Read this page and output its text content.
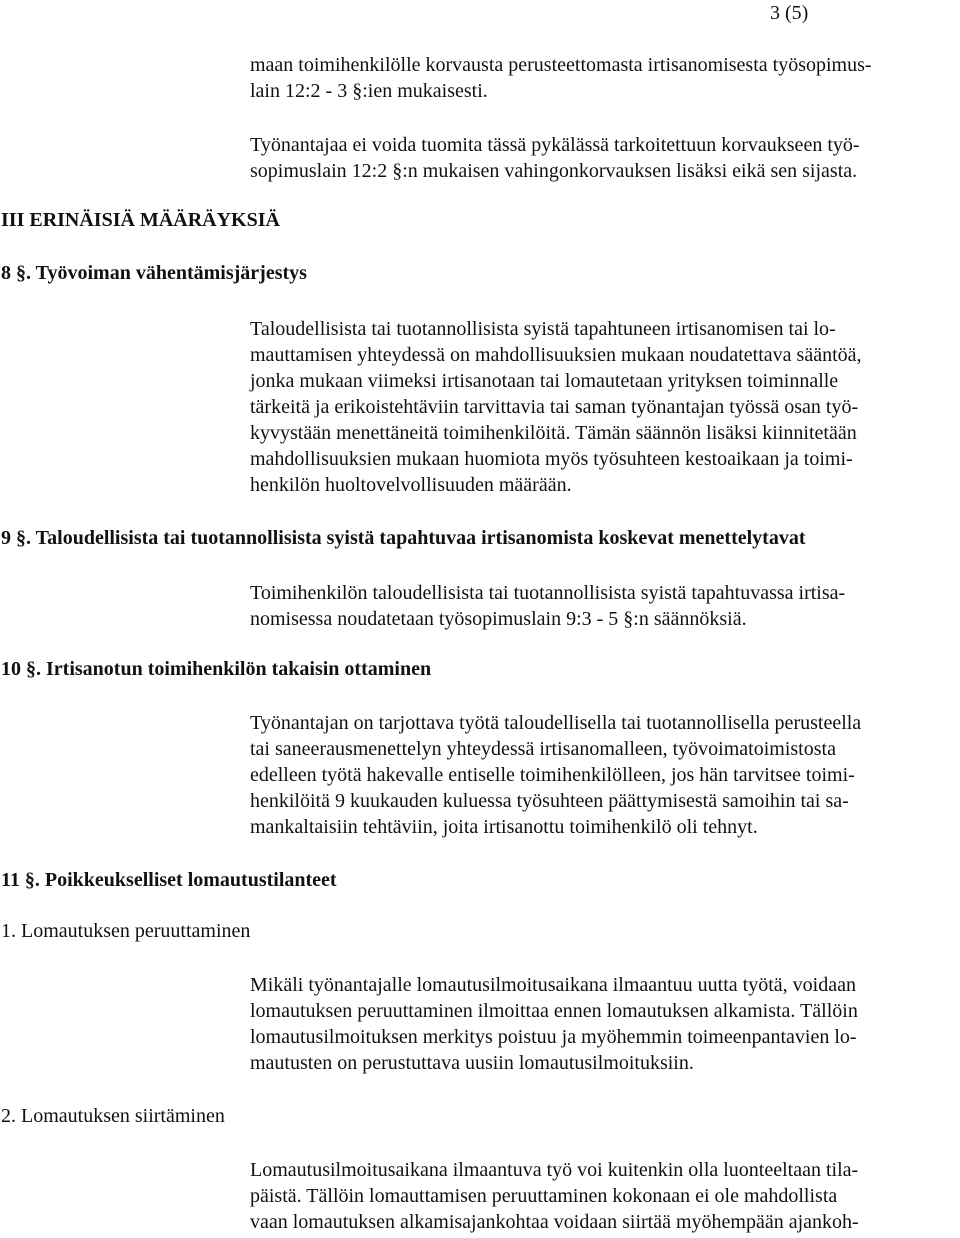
3 (5)

maan toimihenkilölle korvausta perusteettomasta irtisanomisesta työsopimus-
lain 12:2 - 3 §:ien mukaisesti.

Työnantajaa ei voida tuomita tässä pykälässä tarkoitettuun korvaukseen työ-
sopimuslain 12:2 §:n mukaisen vahingonkorvauksen lisäksi eikä sen sijasta.

III ERINÄISIÄ MÄÄRÄYKSIÄ
8 §. Työvoiman vähentämisjärjestys

Taloudellisista tai tuotannollisista syistä tapahtuneen irtisanomisen tai lo-
mauttamisen yhteydessä on mahdollisuuksien mukaan noudatettava sääntöä,
jonka mukaan viimeksi irtisanotaan tai lomautetaan yrityksen toiminnalle
tärkeitä ja erikoistehtäviin tarvittavia tai saman työnantajan työssä osan työ-
kyvystään menettäneitä toimihenkilöitä. Tämän säännön lisäksi kiinnitetään
mahdollisuuksien mukaan huomiota myös työsuhteen kestoaikaan ja toimi-
henkilön huoltovelvollisuuden määrään.

9 §. Taloudellisista tai tuotannollisista syistä tapahtuvaa irtisanomista koskevat menettelytavat

Toimihenkilön taloudellisista tai tuotannollisista syistä tapahtuvassa irtisa-
nomisessa noudatetaan työsopimuslain 9:3 - 5 §:n säännöksiä.

10 §. Irtisanotun toimihenkilön takaisin ottaminen

Työnantajan on tarjottava työtä taloudellisella tai tuotannollisella perusteella
tai saneerausmenettelyn yhteydessä irtisanomalleen, työvoimatoimistosta
edelleen työtä hakevalle entiselle toimihenkilölleen, jos hän tarvitsee toimi-
henkilöitä 9 kuukauden kuluessa työsuhteen päättymisestä samoihin tai sa-
mankaltaisiin tehtäviin, joita irtisanottu toimihenkilö oli tehnyt.

11 §. Poikkeukselliset lomautustilanteet
1. Lomautuksen peruuttaminen

Mikäli työnantajalle lomautusilmoitusaikana ilmaantuu uutta työtä, voidaan
lomautuksen peruuttaminen ilmoittaa ennen lomautuksen alkamista. Tällöin
lomautusilmoituksen merkitys poistuu ja myöhemmin toimeenpantavien lo-
mautusten on perustuttava uusiin lomautusilmoituksiin.

2. Lomautuksen siirtäminen

Lomautusilmoitusaikana ilmaantuva työ voi kuitenkin olla luonteeltaan tila-
päistä. Tällöin lomauttamisen peruuttaminen kokonaan ei ole mahdollista
vaan lomautuksen alkamisajankohtaa voidaan siirtää myöhempään ajankoh-
